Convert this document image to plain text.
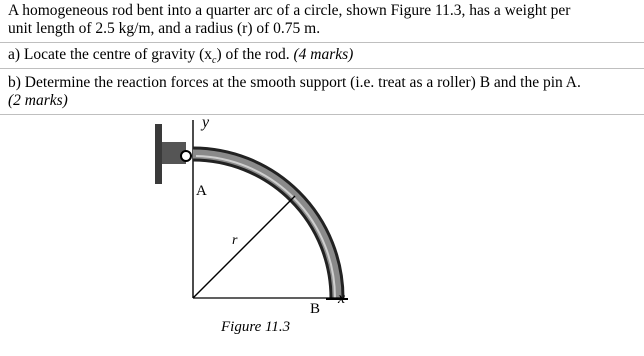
A homogeneous rod bent into a quarter arc of a circle, shown Figure 11.3, has a weight per
unit length of 2.5 kg/m, and a radius (r) of 0.75 m.
a) Locate the centre of gravity $(x_c)$ of the rod. (4 marks)
b) Determine the reaction forces at the smooth support (i.e. treat as a roller) B and the pin A.
(2 marks)
y
A
r
B
x
Figure 11.3
